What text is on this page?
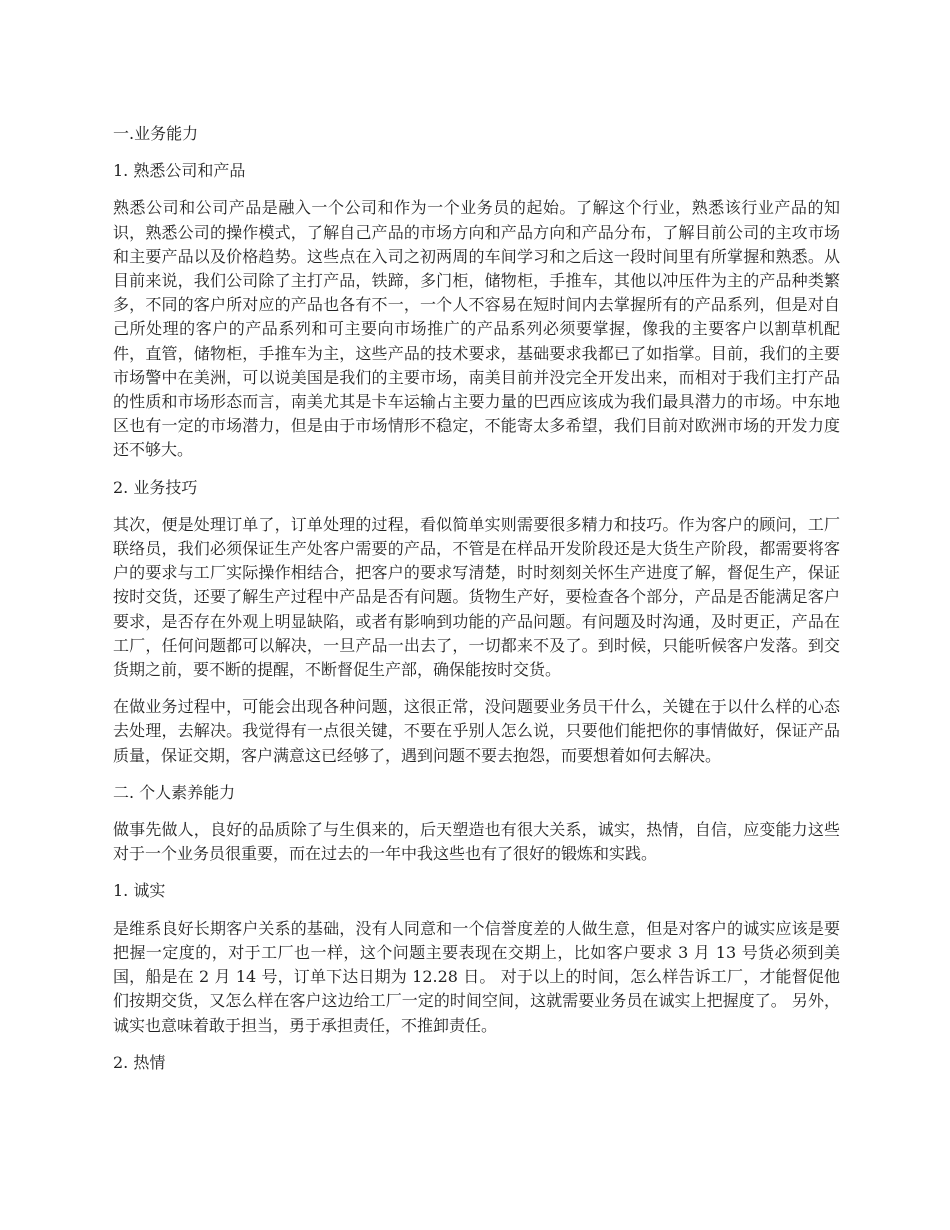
一.业务能力
1. 熟悉公司和产品
熟悉公司和公司产品是融入一个公司和作为一个业务员的起始。了解这个行业，熟悉该行业产品的知识，熟悉公司的操作模式，了解自己产品的市场方向和产品方向和产品分布，了解目前公司的主攻市场和主要产品以及价格趋势。这些点在入司之初两周的车间学习和之后这一段时间里有所掌握和熟悉。从目前来说，我们公司除了主打产品，铁蹄，多门柜，储物柜，手推车，其他以冲压件为主的产品种类繁多，不同的客户所对应的产品也各有不一，一个人不容易在短时间内去掌握所有的产品系列，但是对自己所处理的客户的产品系列和可主要向市场推广的产品系列必须要掌握，像我的主要客户以割草机配件，直管，储物柜，手推车为主，这些产品的技术要求，基础要求我都已了如指掌。目前，我们的主要市场警中在美洲，可以说美国是我们的主要市场，南美目前并没完全开发出来，而相对于我们主打产品的性质和市场形态而言，南美尤其是卡车运输占主要力量的巴西应该成为我们最具潜力的市场。中东地区也有一定的市场潜力，但是由于市场情形不稳定，不能寄太多希望，我们目前对欧洲市场的开发力度还不够大。
2. 业务技巧
其次，便是处理订单了，订单处理的过程，看似简单实则需要很多精力和技巧。作为客户的顾问，工厂联络员，我们必须保证生产处客户需要的产品，不管是在样品开发阶段还是大货生产阶段，都需要将客户的要求与工厂实际操作相结合，把客户的要求写清楚，时时刻刻关怀生产进度了解，督促生产，保证按时交货，还要了解生产过程中产品是否有问题。货物生产好，要检查各个部分，产品是否能满足客户要求，是否存在外观上明显缺陷，或者有影响到功能的产品问题。有问题及时沟通，及时更正，产品在工厂，任何问题都可以解决，一旦产品一出去了，一切都来不及了。到时候，只能听候客户发落。到交货期之前，要不断的提醒，不断督促生产部，确保能按时交货。
在做业务过程中，可能会出现各种问题，这很正常，没问题要业务员干什么，关键在于以什么样的心态去处理，去解决。我觉得有一点很关键，不要在乎别人怎么说，只要他们能把你的事情做好，保证产品质量，保证交期，客户满意这已经够了，遇到问题不要去抱怨，而要想着如何去解决。
二. 个人素养能力
做事先做人，良好的品质除了与生俱来的，后天塑造也有很大关系，诚实，热情，自信，应变能力这些对于一个业务员很重要，而在过去的一年中我这些也有了很好的锻炼和实践。
1. 诚实
是维系良好长期客户关系的基础，没有人同意和一个信誉度差的人做生意，但是对客户的诚实应该是要把握一定度的，对于工厂也一样，这个问题主要表现在交期上，比如客户要求 3 月 13 号货必须到美国，船是在 2 月 14 号，订单下达日期为 12.28 日。 对于以上的时间，怎么样告诉工厂，才能督促他们按期交货，又怎么样在客户这边给工厂一定的时间空间，这就需要业务员在诚实上把握度了。 另外，诚实也意味着敢于担当，勇于承担责任，不推卸责任。
2. 热情
